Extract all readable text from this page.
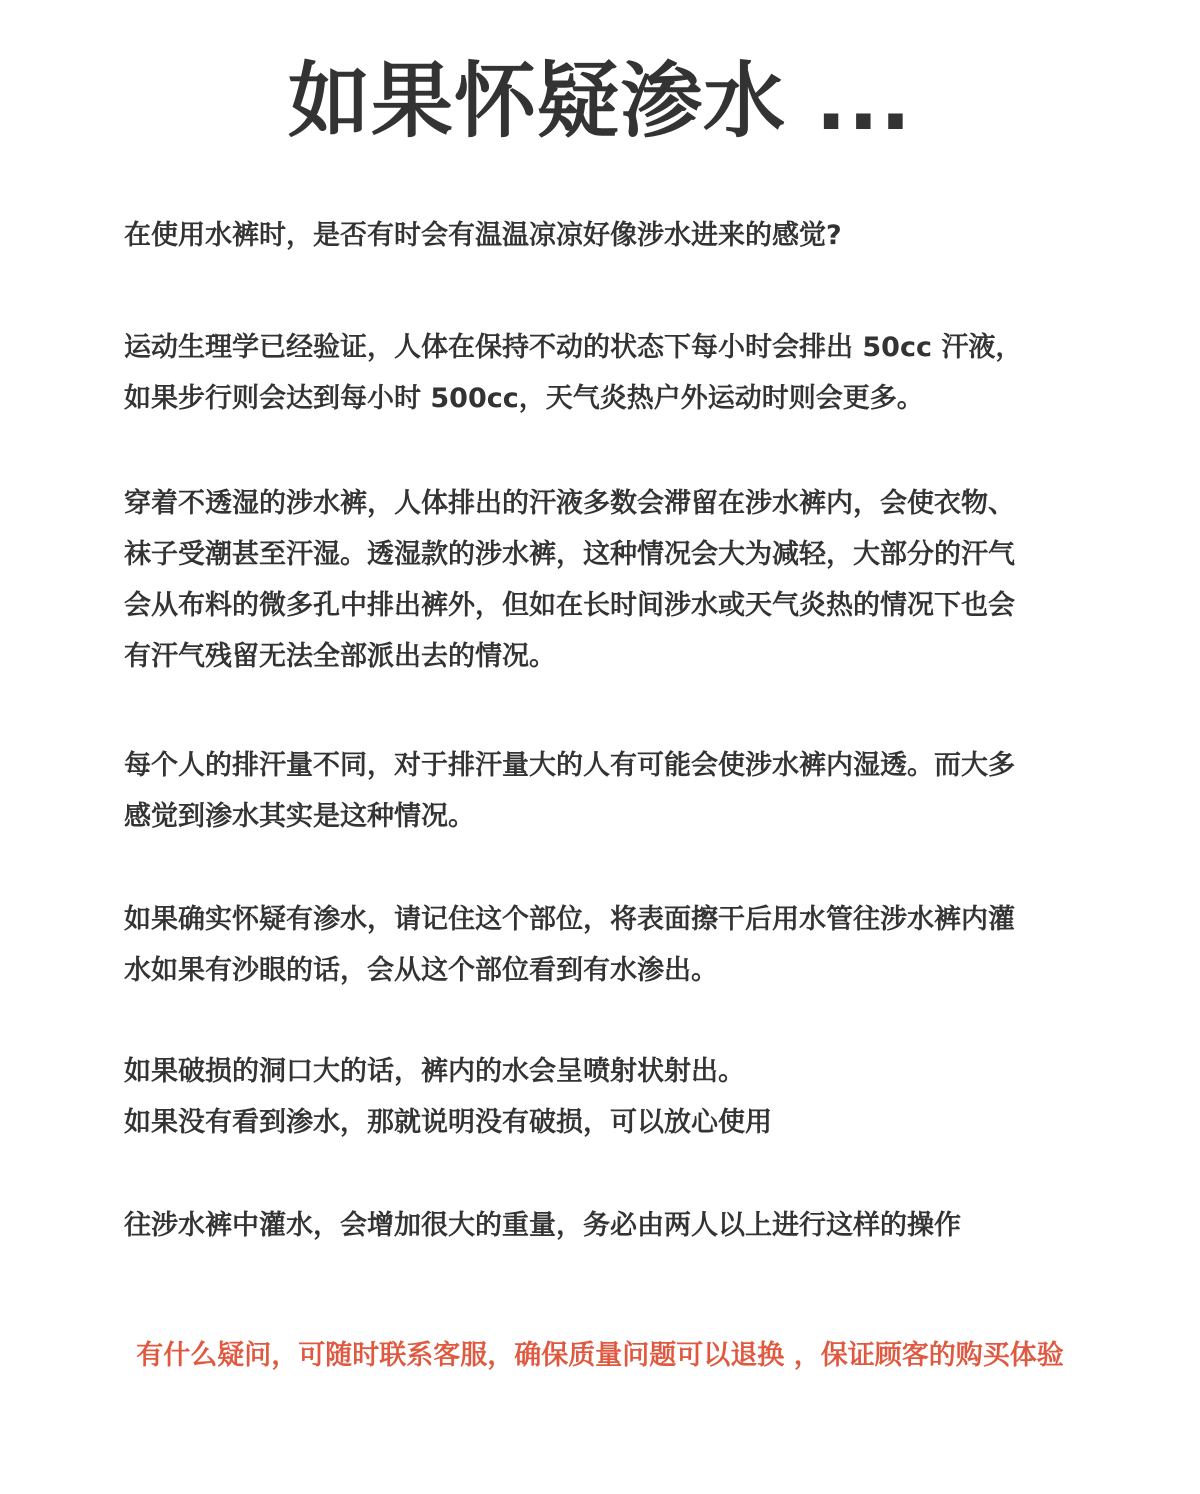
如果怀疑渗水 ...

在使用水裤时，是否有时会有温温凉凉好像涉水进来的感觉?

运动生理学已经验证，人体在保持不动的状态下每小时会排出 50cc 汗液，
如果步行则会达到每小时 500cc，天气炎热户外运动时则会更多。

穿着不透湿的涉水裤，人体排出的汗液多数会滞留在涉水裤内，会使衣物、
袜子受潮甚至汗湿。透湿款的涉水裤，这种情况会大为减轻，大部分的汗气
会从布料的微多孔中排出裤外，但如在长时间涉水或天气炎热的情况下也会
有汗气残留无法全部派出去的情况。

每个人的排汗量不同，对于排汗量大的人有可能会使涉水裤内湿透。而大多
感觉到渗水其实是这种情况。

如果确实怀疑有渗水，请记住这个部位，将表面擦干后用水管往涉水裤内灌
水如果有沙眼的话，会从这个部位看到有水渗出。

如果破损的洞口大的话，裤内的水会呈喷射状射出。
如果没有看到渗水，那就说明没有破损，可以放心使用

往涉水裤中灌水，会增加很大的重量，务必由两人以上进行这样的操作

有什么疑问，可随时联系客服，确保质量问题可以退换 ，保证顾客的购买体验
